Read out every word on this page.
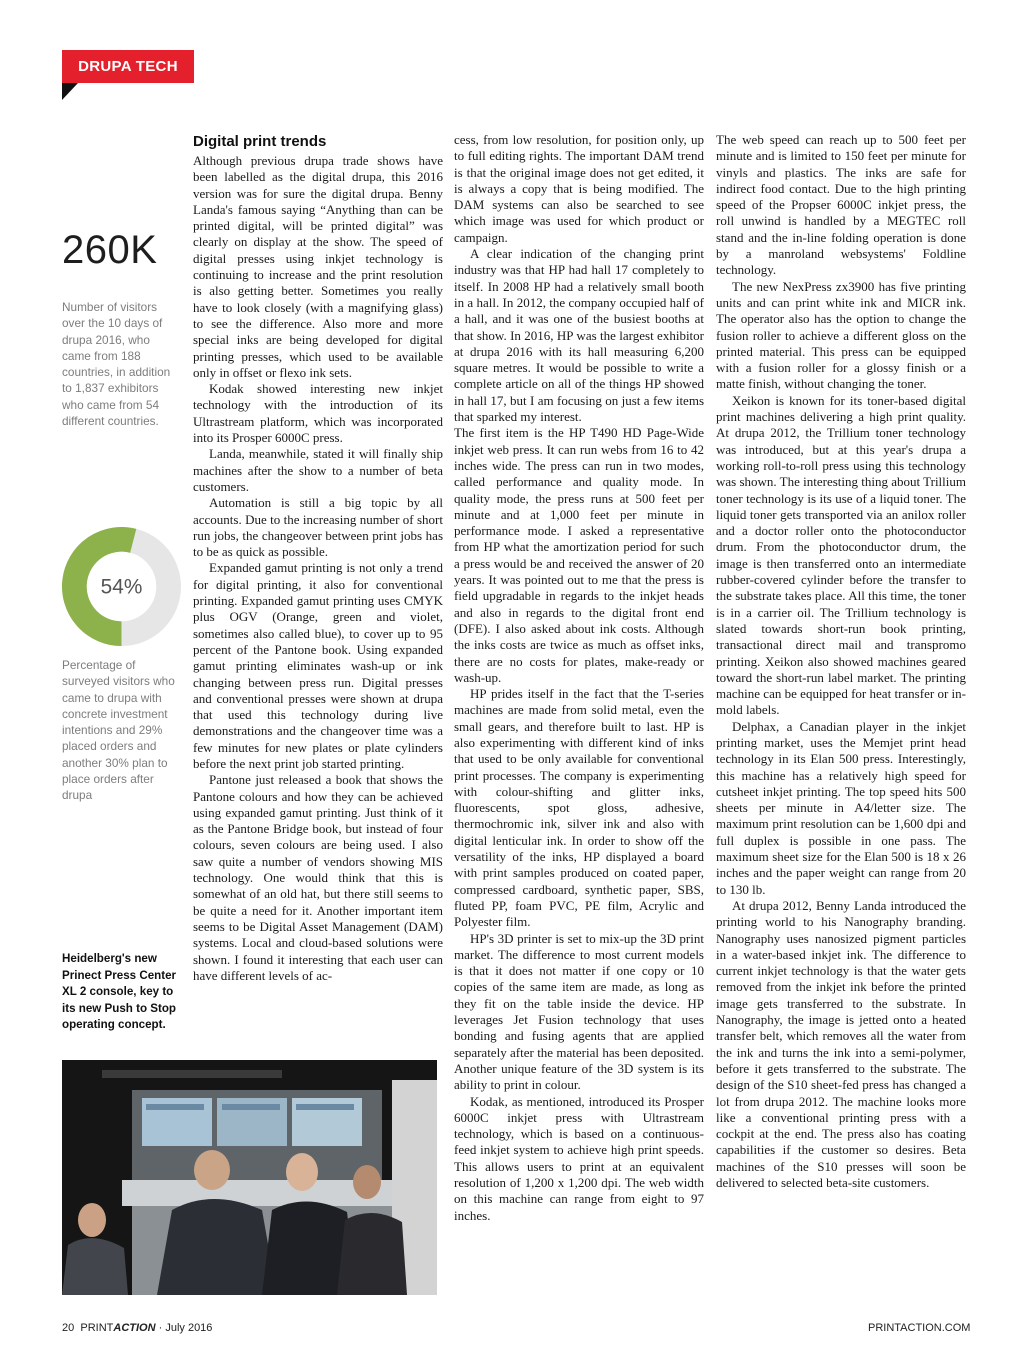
DRUPA TECH
260K
Number of visitors over the 10 days of drupa 2016, who came from 188 countries, in addition to 1,837 exhibitors who came from 54 different countries.
54%
Percentage of surveyed visitors who came to drupa with concrete investment intentions and 29% placed orders and another 30% plan to place orders after drupa
Heidelberg's new Prinect Press Center XL 2 console, key to its new Push to Stop operating concept.
Digital print trends

Although previous drupa trade shows have been labelled as the digital drupa, this 2016 version was for sure the digital drupa. Benny Landa's famous saying “Anything than can be printed digital, will be printed digital” was clearly on display at the show. The speed of digital presses using inkjet technology is continuing to increase and the print resolution is also getting better. Sometimes you really have to look closely (with a magnifying glass) to see the difference. Also more and more special inks are being developed for digital printing presses, which used to be available only in offset or flexo ink sets.

Kodak showed interesting new inkjet technology with the introduction of its Ultrastream platform, which was incorporated into its Prosper 6000C press.

Landa, meanwhile, stated it will finally ship machines after the show to a number of beta customers.

Automation is still a big topic by all accounts. Due to the increasing number of short run jobs, the changeover between print jobs has to be as quick as possible.

Expanded gamut printing is not only a trend for digital printing, it also for conventional printing. Expanded gamut printing uses CMYK plus OGV (Orange, green and violet, sometimes also called blue), to cover up to 95 percent of the Pantone book. Using expanded gamut printing eliminates wash-up or ink changing between press run. Digital presses and conventional presses were shown at drupa that used this technology during live demonstrations and the changeover time was a few minutes for new plates or plate cylinders before the next print job started printing.

Pantone just released a book that shows the Pantone colours and how they can be achieved using expanded gamut printing. Just think of it as the Pantone Bridge book, but instead of four colours, seven colours are being used. I also saw quite a number of vendors showing MIS technology. One would think that this is somewhat of an old hat, but there still seems to be quite a need for it. Another important item seems to be Digital Asset Management (DAM) systems. Local and cloud-based solutions were shown. I found it interesting that each user can have different levels of ac-

cess, from low resolution, for position only, up to full editing rights. The important DAM trend is that the original image does not get edited, it is always a copy that is being modified. The DAM systems can also be searched to see which image was used for which product or campaign.

A clear indication of the changing print industry was that HP had hall 17 completely to itself. In 2008 HP had a relatively small booth in a hall. In 2012, the company occupied half of a hall, and it was one of the busiest booths at that show. In 2016, HP was the largest exhibitor at drupa 2016 with its hall measuring 6,200 square metres. It would be possible to write a complete article on all of the things HP showed in hall 17, but I am focusing on just a few items that sparked my interest.

The first item is the HP T490 HD Page-Wide inkjet web press. It can run webs from 16 to 42 inches wide. The press can run in two modes, called performance and quality mode. In quality mode, the press runs at 500 feet per minute and at 1,000 feet per minute in performance mode. I asked a representative from HP what the amortization period for such a press would be and received the answer of 20 years. It was pointed out to me that the press is field upgradable in regards to the inkjet heads and also in regards to the digital front end (DFE). I also asked about ink costs. Although the inks costs are twice as much as offset inks, there are no costs for plates, make-ready or wash-up.

HP prides itself in the fact that the T-series machines are made from solid metal, even the small gears, and therefore built to last. HP is also experimenting with different kind of inks that used to be only available for conventional print processes. The company is experimenting with colour-shifting and glitter inks, fluorescents, spot gloss, adhesive, thermochromic ink, silver ink and also with digital lenticular ink. In order to show off the versatility of the inks, HP displayed a board with print samples produced on coated paper, compressed cardboard, synthetic paper, SBS, fluted PP, foam PVC, PE film, Acrylic and Polyester film.

HP's 3D printer is set to mix-up the 3D print market. The difference to most current models is that it does not matter if one copy or 10 copies of the same item are made, as long as they fit on the table inside the device. HP leverages Jet Fusion technology that uses bonding and fusing agents that are applied separately after the material has been deposited. Another unique feature of the 3D system is its ability to print in colour.

Kodak, as mentioned, introduced its Prosper 6000C inkjet press with Ultrastream technology, which is based on a continuous-feed inkjet system to achieve high print speeds. This allows users to print at an equivalent resolution of 1,200 x 1,200 dpi. The web width on this machine can range from eight to 97 inches.

The web speed can reach up to 500 feet per minute and is limited to 150 feet per minute for vinyls and plastics. The inks are safe for indirect food contact. Due to the high printing speed of the Propser 6000C inkjet press, the roll unwind is handled by a MEGTEC roll stand and the in-line folding operation is done by a manroland websystems' Foldline technology.

The new NexPress zx3900 has five printing units and can print white ink and MICR ink. The operator also has the option to change the fusion roller to achieve a different gloss on the printed material. This press can be equipped with a fusion roller for a glossy finish or a matte finish, without changing the toner.

Xeikon is known for its toner-based digital print machines delivering a high print quality. At drupa 2012, the Trillium toner technology was introduced, but at this year's drupa a working roll-to-roll press using this technology was shown. The interesting thing about Trillium toner technology is its use of a liquid toner. The liquid toner gets transported via an anilox roller and a doctor roller onto the photoconductor drum. From the photoconductor drum, the image is then transferred onto an intermediate rubber-covered cylinder before the transfer to the substrate takes place. All this time, the toner is in a carrier oil. The Trillium technology is slated towards short-run book printing, transactional direct mail and transpromo printing. Xeikon also showed machines geared toward the short-run label market. The printing machine can be equipped for heat transfer or in-mold labels.

Delphax, a Canadian player in the inkjet printing market, uses the Memjet print head technology in its Elan 500 press. Interestingly, this machine has a relatively high speed for cutsheet inkjet printing. The top speed hits 500 sheets per minute in A4/letter size. The maximum print resolution can be 1,600 dpi and full duplex is possible in one pass. The maximum sheet size for the Elan 500 is 18 x 26 inches and the paper weight can range from 20 to 130 lb.

At drupa 2012, Benny Landa introduced the printing world to his Nanography branding. Nanography uses nanosized pigment particles in a water-based inkjet ink. The difference to current inkjet technology is that the water gets removed from the inkjet ink before the printed image gets transferred to the substrate. In Nanography, the image is jetted onto a heated transfer belt, which removes all the water from the ink and turns the ink into a semi-polymer, before it gets transferred to the substrate. The design of the S10 sheet-fed press has changed a lot from drupa 2012. The machine looks more like a conventional printing press with a cockpit at the end. The press also has coating capabilities if the customer so desires. Beta machines of the S10 presses will soon be delivered to selected beta-site customers.

20 PRINTACTION · July 2016	PRINTACTION.COM
